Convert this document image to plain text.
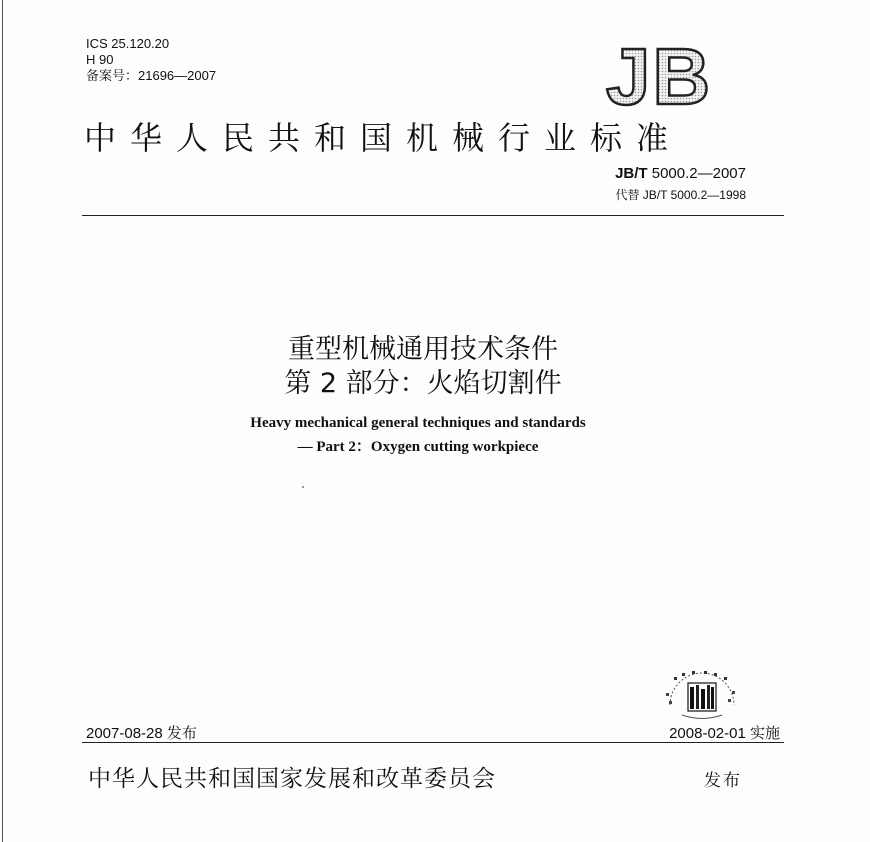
ICS 25.120.20
H 90
备案号：21696—2007	JB
中华人民共和国机械行业标准
JB/T 5000.2—2007
代替 JB/T 5000.2—1998
重型机械通用技术条件
第 2 部分：火焰切割件
Heavy mechanical general techniques and standards
— Part 2：Oxygen cutting workpiece
2007-08-28 发布	2008-02-01 实施
中华人民共和国国家发展和改革委员会	发布
